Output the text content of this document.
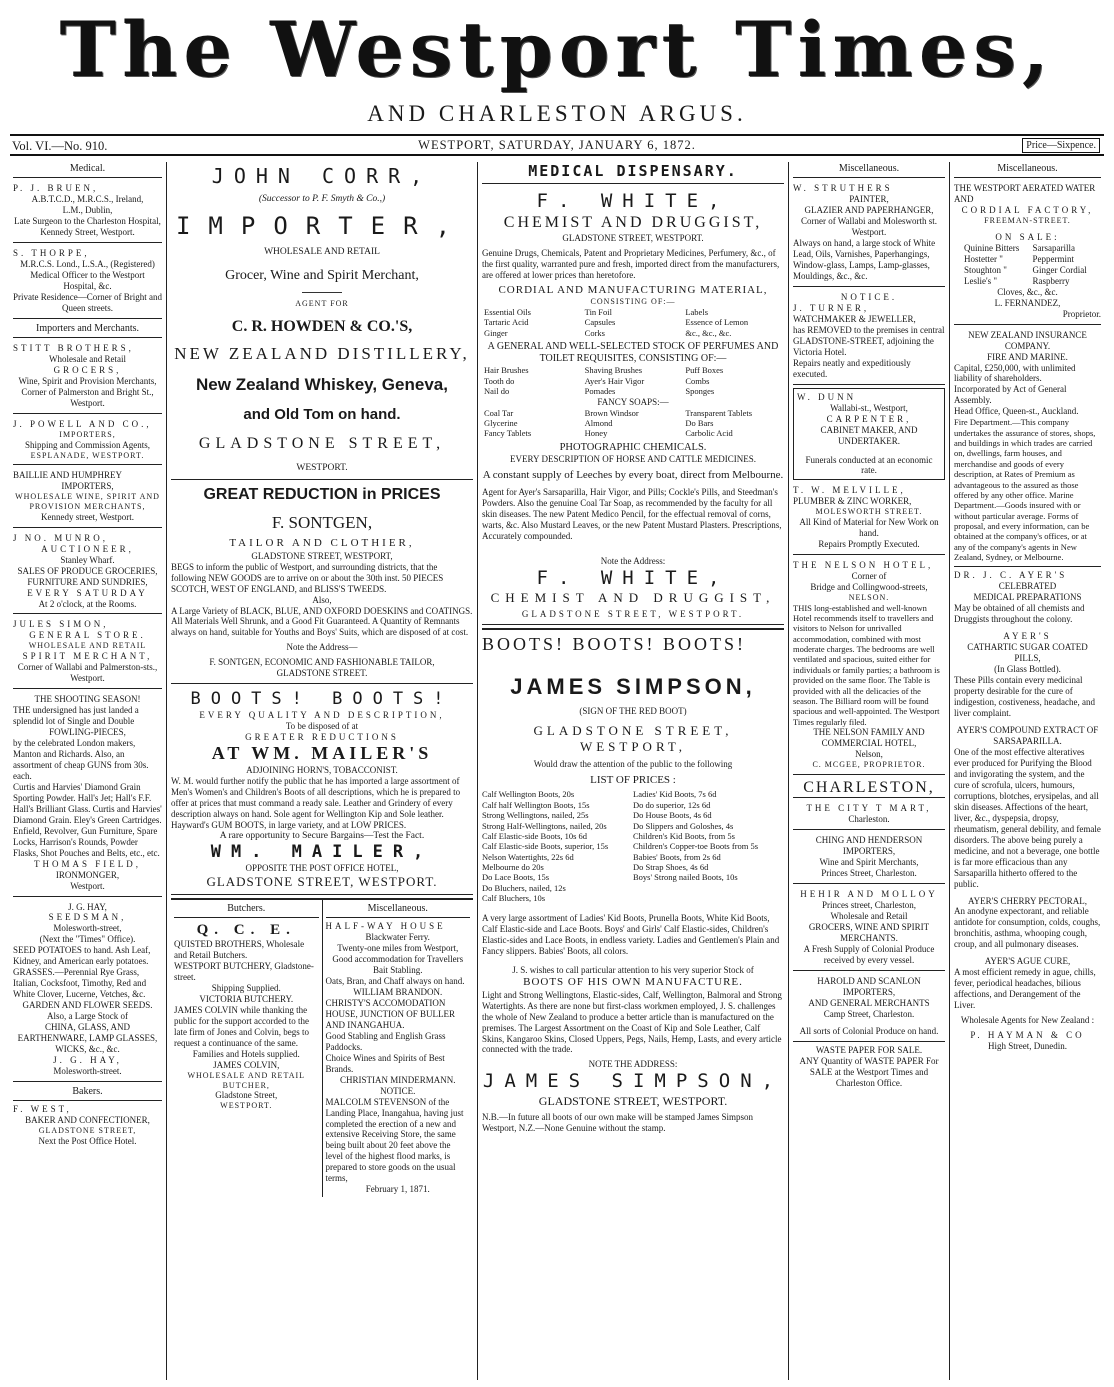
The Westport Times,
AND CHARLESTON ARGUS.
Vol. VI.—No. 910.	WESTPORT, SATURDAY, JANUARY 6, 1872.	Price—Sixpence.
Medical.
P. J. BRUEN,
A.B.T.C.D., M.R.C.S., Ireland,
L.M., Dublin,
Late Surgeon to the Charleston Hospital,
Kennedy Street, Westport.
S. THORPE,
M.R.C.S. Lond., L.S.A., (Registered) Medical Officer to the Westport Hospital, &c.
Private Residence—Corner of Bright and Queen streets.
Importers and Merchants.
STITT BROTHERS,
Wholesale and Retail
GROCERS,
Wine, Spirit and Provision Merchants, Corner of Palmerston and Bright St., Westport.
J. POWELL AND CO.,
IMPORTERS,
Shipping and Commission Agents,
ESPLANADE, WESTPORT.
BAILLIE AND HUMPHREY
IMPORTERS,
WHOLESALE WINE, SPIRIT AND PROVISION MERCHANTS,
Kennedy street, Westport.
J NO. MUNRO,
AUCTIONEER,
Stanley Wharf.
SALES OF PRODUCE GROCERIES, FURNITURE AND SUNDRIES,
EVERY SATURDAY
At 2 o'clock, at the Rooms.
JULES SIMON,
GENERAL STORE.
WHOLESALE AND RETAIL
SPIRIT MERCHANT,
Corner of Wallabi and Palmerston-sts., Westport.
THE SHOOTING SEASON!
THE undersigned has just landed a splendid lot of Single and Double
FOWLING-PIECES,
by the celebrated London makers, Manton and Richards. Also, an assortment of cheap GUNS from 30s. each.
Curtis and Harvies' Diamond Grain Sporting Powder. Hall's Jet; Hall's F.F. Hall's Brilliant Glass. Curtis and Harvies' Diamond Grain. Eley's Green Cartridges. Enfield, Revolver, Gun Furniture, Spare Locks, Harrison's Rounds, Powder Flasks, Shot Pouches and Belts, etc., etc.
THOMAS FIELD,
IRONMONGER,
Westport.
J. G. HAY,
SEEDSMAN,
Molesworth-street,
(Next the "Times" Office).
SEED POTATOES to hand. Ash Leaf, Kidney, and American early potatoes.
GRASSES.—Perennial Rye Grass, Italian, Cocksfoot, Timothy, Red and White Clover, Lucerne, Vetches, &c.
GARDEN AND FLOWER SEEDS.
Also, a Large Stock of
CHINA, GLASS, AND EARTHENWARE, LAMP GLASSES, WICKS, &c., &c.
J. G. HAY,
Molesworth-street.
Bakers.
F. WEST,
BAKER AND CONFECTIONER,
GLADSTONE STREET,
Next the Post Office Hotel.
JOHN CORR,
(Successor to P. F. Smyth & Co.,)
IMPORTER,
WHOLESALE AND RETAIL
Grocer, Wine and Spirit Merchant,
AGENT FOR
C. R. HOWDEN & CO.'S,
NEW ZEALAND DISTILLERY,
New Zealand Whiskey, Geneva,
and Old Tom on hand.
GLADSTONE STREET,
WESTPORT.
GREAT REDUCTION in PRICES
F. SONTGEN,
TAILOR AND CLOTHIER,
GLADSTONE STREET, WESTPORT,
BEGS to inform the public of Westport, and surrounding districts, that the following NEW GOODS are to arrive on or about the 30th inst. 50 PIECES SCOTCH, WEST OF ENGLAND, and BLISS'S TWEEDS.
Also,
A Large Variety of BLACK, BLUE, AND OXFORD DOESKINS and COATINGS. All Materials Well Shrunk, and a Good Fit Guaranteed. A Quantity of Remnants always on hand, suitable for Youths and Boys' Suits, which are disposed of at cost.
Note the Address—
F. SONTGEN, ECONOMIC AND FASHIONABLE TAILOR,
GLADSTONE STREET.
BOOTS! BOOTS!
EVERY QUALITY AND DESCRIPTION,
To be disposed of at
GREATER REDUCTIONS
AT WM. MAILER'S
ADJOINING HORN'S, TOBACCONIST.
W. M. would further notify the public that he has imported a large assortment of Men's Women's and Children's Boots of all descriptions, which he is prepared to offer at prices that must command a ready sale. Leather and Grindery of every description always on hand. Sole agent for Wellington Kip and Sole leather. Hayward's GUM BOOTS, in large variety, and at LOW PRICES.
A rare opportunity to Secure Bargains—Test the Fact.
WM. MAILER,
OPPOSITE THE POST OFFICE HOTEL,
GLADSTONE STREET, WESTPORT.
Butchers.
Q. C. E.
QUISTED BROTHERS, Wholesale and Retail Butchers.
WESTPORT BUTCHERY, Gladstone-street.
Shipping Supplied.
VICTORIA BUTCHERY.
JAMES COLVIN while thanking the public for the support accorded to the late firm of Jones and Colvin, begs to request a continuance of the same.
Families and Hotels supplied.
JAMES COLVIN,
WHOLESALE AND RETAIL BUTCHER,
Gladstone Street,
WESTPORT.
Miscellaneous.
HALF-WAY HOUSE
Blackwater Ferry.
Twenty-one miles from Westport,
Good accommodation for Travellers
Bait Stabling.
Oats, Bran, and Chaff always on hand.
WILLIAM BRANDON.
CHRISTY'S ACCOMODATION HOUSE, JUNCTION OF BULLER AND INANGAHUA.
Good Stabling and English Grass Paddocks.
Choice Wines and Spirits of Best Brands.
CHRISTIAN MINDERMANN.
NOTICE.
MALCOLM STEVENSON of the Landing Place, Inangahua, having just completed the erection of a new and extensive Receiving Store, the same being built about 20 feet above the level of the highest flood marks, is prepared to store goods on the usual terms,
February 1, 1871.
MEDICAL DISPENSARY.
F. WHITE,
CHEMIST AND DRUGGIST,
GLADSTONE STREET, WESTPORT.
Genuine Drugs, Chemicals, Patent and Proprietary Medicines, Perfumery, &c., of the first quality, warranted pure and fresh, imported direct from the manufacturers, are offered at lower prices than heretofore.
CORDIAL AND MANUFACTURING MATERIAL,
CONSISTING OF:—
Essential Oils	Tin Foil	Labels
Tartaric Acid	Capsules	Essence of Lemon
Ginger	Corks	&c., &c., &c.
A GENERAL AND WELL-SELECTED STOCK OF PERFUMES AND TOILET REQUISITES, CONSISTING OF:—
Hair Brushes	Shaving Brushes	Puff Boxes
Tooth do	Ayer's Hair Vigor	Combs
Nail do	Pomades	Sponges
FANCY SOAPS:—
Coal Tar	Brown Windsor	Transparent Tablets
Glycerine	Almond	Do Bars
Fancy Tablets	Honey	Carbolic Acid
PHOTOGRAPHIC CHEMICALS.
EVERY DESCRIPTION OF HORSE AND CATTLE MEDICINES.
A constant supply of Leeches by every boat, direct from Melbourne.
Agent for Ayer's Sarsaparilla, Hair Vigor, and Pills; Cockle's Pills, and Steedman's Powders. Also the genuine Coal Tar Soap, as recommended by the faculty for all skin diseases. The new Patent Medico Pencil, for the effectual removal of corns, warts, &c. Also Mustard Leaves, or the new Patent Mustard Plasters. Prescriptions, Accurately compounded.
Note the Address:
F. WHITE,
CHEMIST AND DRUGGIST,
GLADSTONE STREET, WESTPORT.
BOOTS! BOOTS! BOOTS!
JAMES SIMPSON,
(SIGN OF THE RED BOOT)
GLADSTONE STREET, WESTPORT,
Would draw the attention of the public to the following
LIST OF PRICES :
Calf Wellington Boots, 20s
Calf half Wellington Boots, 15s
Strong Wellingtons, nailed, 25s
Strong Half-Wellingtons, nailed, 20s
Calf Elastic-side Boots, 10s 6d
Calf Elastic-side Boots, superior, 15s
Nelson Watertights, 22s 6d
Melbourne do 20s
Do Lace Boots, 15s
Do Bluchers, nailed, 12s
Calf Bluchers, 10s
Ladies' Kid Boots, 7s 6d
Do do superior, 12s 6d
Do House Boots, 4s 6d
Do Slippers and Goloshes, 4s
Children's Kid Boots, from 5s
Children's Copper-toe Boots from 5s
Babies' Boots, from 2s 6d
Do Strap Shoes, 4s 6d
Boys' Strong nailed Boots, 10s
A very large assortment of Ladies' Kid Boots, Prunella Boots, White Kid Boots, Calf Elastic-side and Lace Boots. Boys' and Girls' Calf Elastic-sides, Children's Elastic-sides and Lace Boots, in endless variety. Ladies and Gentlemen's Plain and Fancy slippers. Babies' Boots, all colors.
J. S. wishes to call particular attention to his very superior Stock of
BOOTS OF HIS OWN MANUFACTURE.
Light and Strong Wellingtons, Elastic-sides, Calf, Wellington, Balmoral and Strong Watertights. As there are none but first-class workmen employed, J. S. challenges the whole of New Zealand to produce a better article than is manufactured on the premises. The Largest Assortment on the Coast of Kip and Sole Leather, Calf Skins, Kangaroo Skins, Closed Uppers, Pegs, Nails, Hemp, Lasts, and every article connected with the trade.
NOTE THE ADDRESS:
JAMES SIMPSON,
GLADSTONE STREET, WESTPORT.
N.B.—In future all boots of our own make will be stamped James Simpson Westport, N.Z.—None Genuine without the stamp.
Miscellaneous.
W. STRUTHERS
PAINTER,
GLAZIER AND PAPERHANGER,
Corner of Wallabi and Molesworth st. Westport.
Always on hand, a large stock of White Lead, Oils, Varnishes, Paperhangings, Window-glass, Lamps, Lamp-glasses, Mouldings, &c., &c.
NOTICE.
J. TURNER,
WATCHMAKER & JEWELLER,
has REMOVED to the premises in central GLADSTONE-STREET, adjoining the Victoria Hotel.
Repairs neatly and expeditiously executed.
W. DUNN
Wallabi-st., Westport,
CARPENTER,
CABINET MAKER, AND
UNDERTAKER.
Funerals conducted at an economic rate.
T. W. MELVILLE,
PLUMBER & ZINC WORKER,
MOLESWORTH STREET.
All Kind of Material for New Work on hand.
Repairs Promptly Executed.
THE NELSON HOTEL,
Corner of
Bridge and Collingwood-streets,
NELSON.
THIS long-established and well-known Hotel recommends itself to travellers and visitors to Nelson for unrivalled accommodation, combined with most moderate charges. The bedrooms are well ventilated and spacious, suited either for individuals or family parties; a bathroom is provided on the same floor. The Table is provided with all the delicacies of the season. The Billiard room will be found spacious and well-appointed. The Westport Times regularly filed.
THE NELSON FAMILY AND COMMERCIAL HOTEL,
Nelson,
C. MCGEE, PROPRIETOR.
CHARLESTON,
THE CITY T MART,
Charleston.
CHING AND HENDERSON
IMPORTERS,
Wine and Spirit Merchants,
Princes Street, Charleston.
HEHIR AND MOLLOY
Princes street, Charleston,
Wholesale and Retail
GROCERS, WINE AND SPIRIT
MERCHANTS.
A Fresh Supply of Colonial Produce received by every vessel.
HAROLD AND SCANLON
IMPORTERS,
AND GENERAL MERCHANTS
Camp Street, Charleston.
All sorts of Colonial Produce on hand.
WASTE PAPER FOR SALE.
ANY Quantity of WASTE PAPER For SALE at the Westport Times and Charleston Office.
Miscellaneous.
THE WESTPORT AERATED WATER AND
CORDIAL FACTORY,
FREEMAN-STREET.
ON SALE:
Quinine Bitters	Sarsaparilla
Hostetter "	Peppermint
Stoughton "	Ginger Cordial
Leslie's "	Raspberry
Cloves, &c., &c.
L. FERNANDEZ,
Proprietor.
NEW ZEALAND INSURANCE COMPANY.
FIRE AND MARINE.
Capital, £250,000, with unlimited liability of shareholders.
Incorporated by Act of General Assembly.
Head Office, Queen-st., Auckland.
Fire Department.—This company undertakes the assurance of stores, shops, and buildings in which trades are carried on, dwellings, farm houses, and merchandise and goods of every description, at Rates of Premium as advantageous to the assured as those offered by any other office. Marine Department.—Goods insured with or without particular average. Forms of proposal, and every information, can be obtained at the company's offices, or at any of the company's agents in New Zealand, Sydney, or Melbourne.
DR. J. C. AYER'S
CELEBRATED
MEDICAL PREPARATIONS
May be obtained of all chemists and Druggists throughout the colony.
AYER'S
CATHARTIC SUGAR COATED
PILLS,
(In Glass Bottled).
These Pills contain every medicinal property desirable for the cure of indigestion, costiveness, headache, and liver complaint.
AYER'S COMPOUND EXTRACT OF
SARSAPARILLA.
One of the most effective alteratives ever produced for Purifying the Blood and invigorating the system, and the cure of scrofula, ulcers, humours, corruptions, blotches, erysipelas, and all skin diseases. Affections of the heart, liver, &c., dyspepsia, dropsy, rheumatism, general debility, and female disorders. The above being purely a medicine, and not a beverage, one bottle is far more efficacious than any Sarsaparilla hitherto offered to the public.
AYER'S CHERRY PECTORAL,
An anodyne expectorant, and reliable antidote for consumption, colds, coughs, bronchitis, asthma, whooping cough, croup, and all pulmonary diseases.
AYER'S AGUE CURE,
A most efficient remedy in ague, chills, fever, periodical headaches, bilious affections, and Derangement of the Liver.
Wholesale Agents for New Zealand :
P. HAYMAN & CO
High Street, Dunedin.
